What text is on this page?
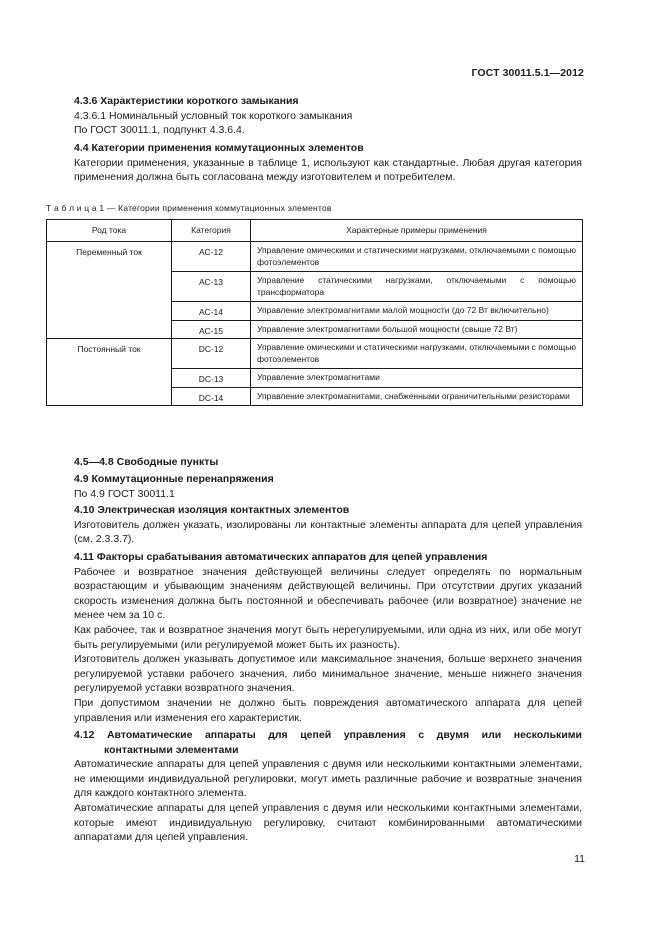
ГОСТ 30011.5.1—2012

4.3.6 Характеристики короткого замыкания

4.3.6.1 Номинальный условный ток короткого замыкания

По ГОСТ 30011.1, подпункт 4.3.6.4.

4.4 Категории применения коммутационных элементов

Категории применения, указанные в таблице 1, используют как стандартные. Любая другая категория применения должна быть согласована между изготовителем и потребителем.

Т а б л и ц а 1 — Категории применения коммутационных элементов
Род тока	Категория	Характерные примеры применения

Переменный ток	АС-12	Управление омическими и статическими нагрузками, отключаемыми с помощью фотоэлементов

	АС-13	Управление статическими нагрузками, отключаемыми с помощью трансформатора

	АС-14	Управление электромагнитами малой мощности (до 72 Вт включительно)

	АС-15	Управление электромагнитами большой мощности (свыше 72 Вт)

Постоянный ток	DC-12	Управление омическими и статическими нагрузками, отключаемыми с помощью фотоэлементов

	DC-13	Управление электромагнитами

	DC-14	Управление электромагнитами, снабженными ограничительными резисторами

4.5—4.8 Свободные пункты

4.9 Коммутационные перенапряжения

По 4.9 ГОСТ 30011.1

4.10 Электрическая изоляция контактных элементов

Изготовитель должен указать, изолированы ли контактные элементы аппарата для цепей управления (см. 2.3.3.7).

4.11 Факторы срабатывания автоматических аппаратов для цепей управления

Рабочее и возвратное значения действующей величины следует определять по нормальным возрастающим и убывающим значениям действующей величины. При отсутствии других указаний скорость изменения должна быть постоянной и обеспечивать рабочее (или возвратное) значение не менее чем за 10 с.

Как рабочее, так и возвратное значения могут быть нерегулируемыми, или одна из них, или обе могут быть регулируемыми (или регулируемой может быть их разность).

Изготовитель должен указывать допустимое или максимальное значения, больше верхнего значения регулируемой уставки рабочего значения, либо минимальное значение, меньше нижнего значения регулируемой уставки возвратного значения.

При допустимом значении не должно быть повреждения автоматического аппарата для цепей управления или изменения его характеристик.

4.12 Автоматические аппараты для цепей управления с двумя или несколькими

контактными элементами

Автоматические аппараты для цепей управления с двумя или несколькими контактными элементами, не имеющими индивидуальной регулировки, могут иметь различные рабочие и возвратные значения для каждого контактного элемента.

Автоматические аппараты для цепей управления с двумя или несколькими контактными элементами, которые имеют индивидуальную регулировку, считают комбинированными автоматическими аппаратами для цепей управления.

11
